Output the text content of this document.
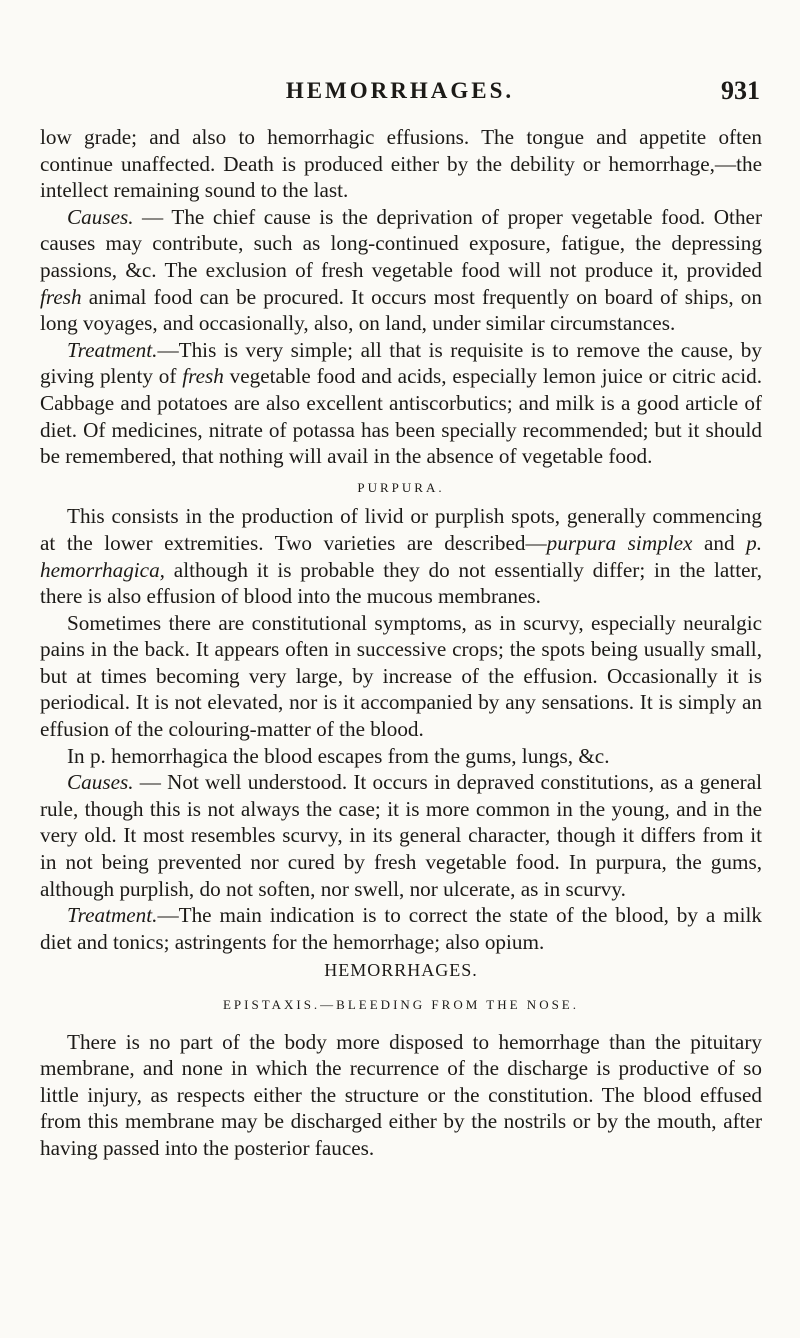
HEMORRHAGES.	931

low grade; and also to hemorrhagic effusions. The tongue and appetite often continue unaffected. Death is produced either by the debility or hemorrhage,—the intellect remaining sound to the last.

Causes. — The chief cause is the deprivation of proper vegetable food. Other causes may contribute, such as long-continued exposure, fatigue, the depressing passions, &c. The exclusion of fresh vegetable food will not produce it, provided fresh animal food can be procured. It occurs most frequently on board of ships, on long voyages, and occasionally, also, on land, under similar circumstances.

Treatment.—This is very simple; all that is requisite is to remove the cause, by giving plenty of fresh vegetable food and acids, especially lemon juice or citric acid. Cabbage and potatoes are also excellent antiscorbutics; and milk is a good article of diet. Of medicines, nitrate of potassa has been specially recommended; but it should be remembered, that nothing will avail in the absence of vegetable food.

PURPURA.

This consists in the production of livid or purplish spots, generally commencing at the lower extremities. Two varieties are described—purpura simplex and p. hemorrhagica, although it is probable they do not essentially differ; in the latter, there is also effusion of blood into the mucous membranes.

Sometimes there are constitutional symptoms, as in scurvy, especially neuralgic pains in the back. It appears often in successive crops; the spots being usually small, but at times becoming very large, by increase of the effusion. Occasionally it is periodical. It is not elevated, nor is it accompanied by any sensations. It is simply an effusion of the colouring-matter of the blood.

In p. hemorrhagica the blood escapes from the gums, lungs, &c.

Causes. — Not well understood. It occurs in depraved constitutions, as a general rule, though this is not always the case; it is more common in the young, and in the very old. It most resembles scurvy, in its general character, though it differs from it in not being prevented nor cured by fresh vegetable food. In purpura, the gums, although purplish, do not soften, nor swell, nor ulcerate, as in scurvy.

Treatment.—The main indication is to correct the state of the blood, by a milk diet and tonics; astringents for the hemorrhage; also opium.

HEMORRHAGES.
EPISTAXIS.—BLEEDING FROM THE NOSE.

There is no part of the body more disposed to hemorrhage than the pituitary membrane, and none in which the recurrence of the discharge is productive of so little injury, as respects either the structure or the constitution. The blood effused from this membrane may be discharged either by the nostrils or by the mouth, after having passed into the posterior fauces.
